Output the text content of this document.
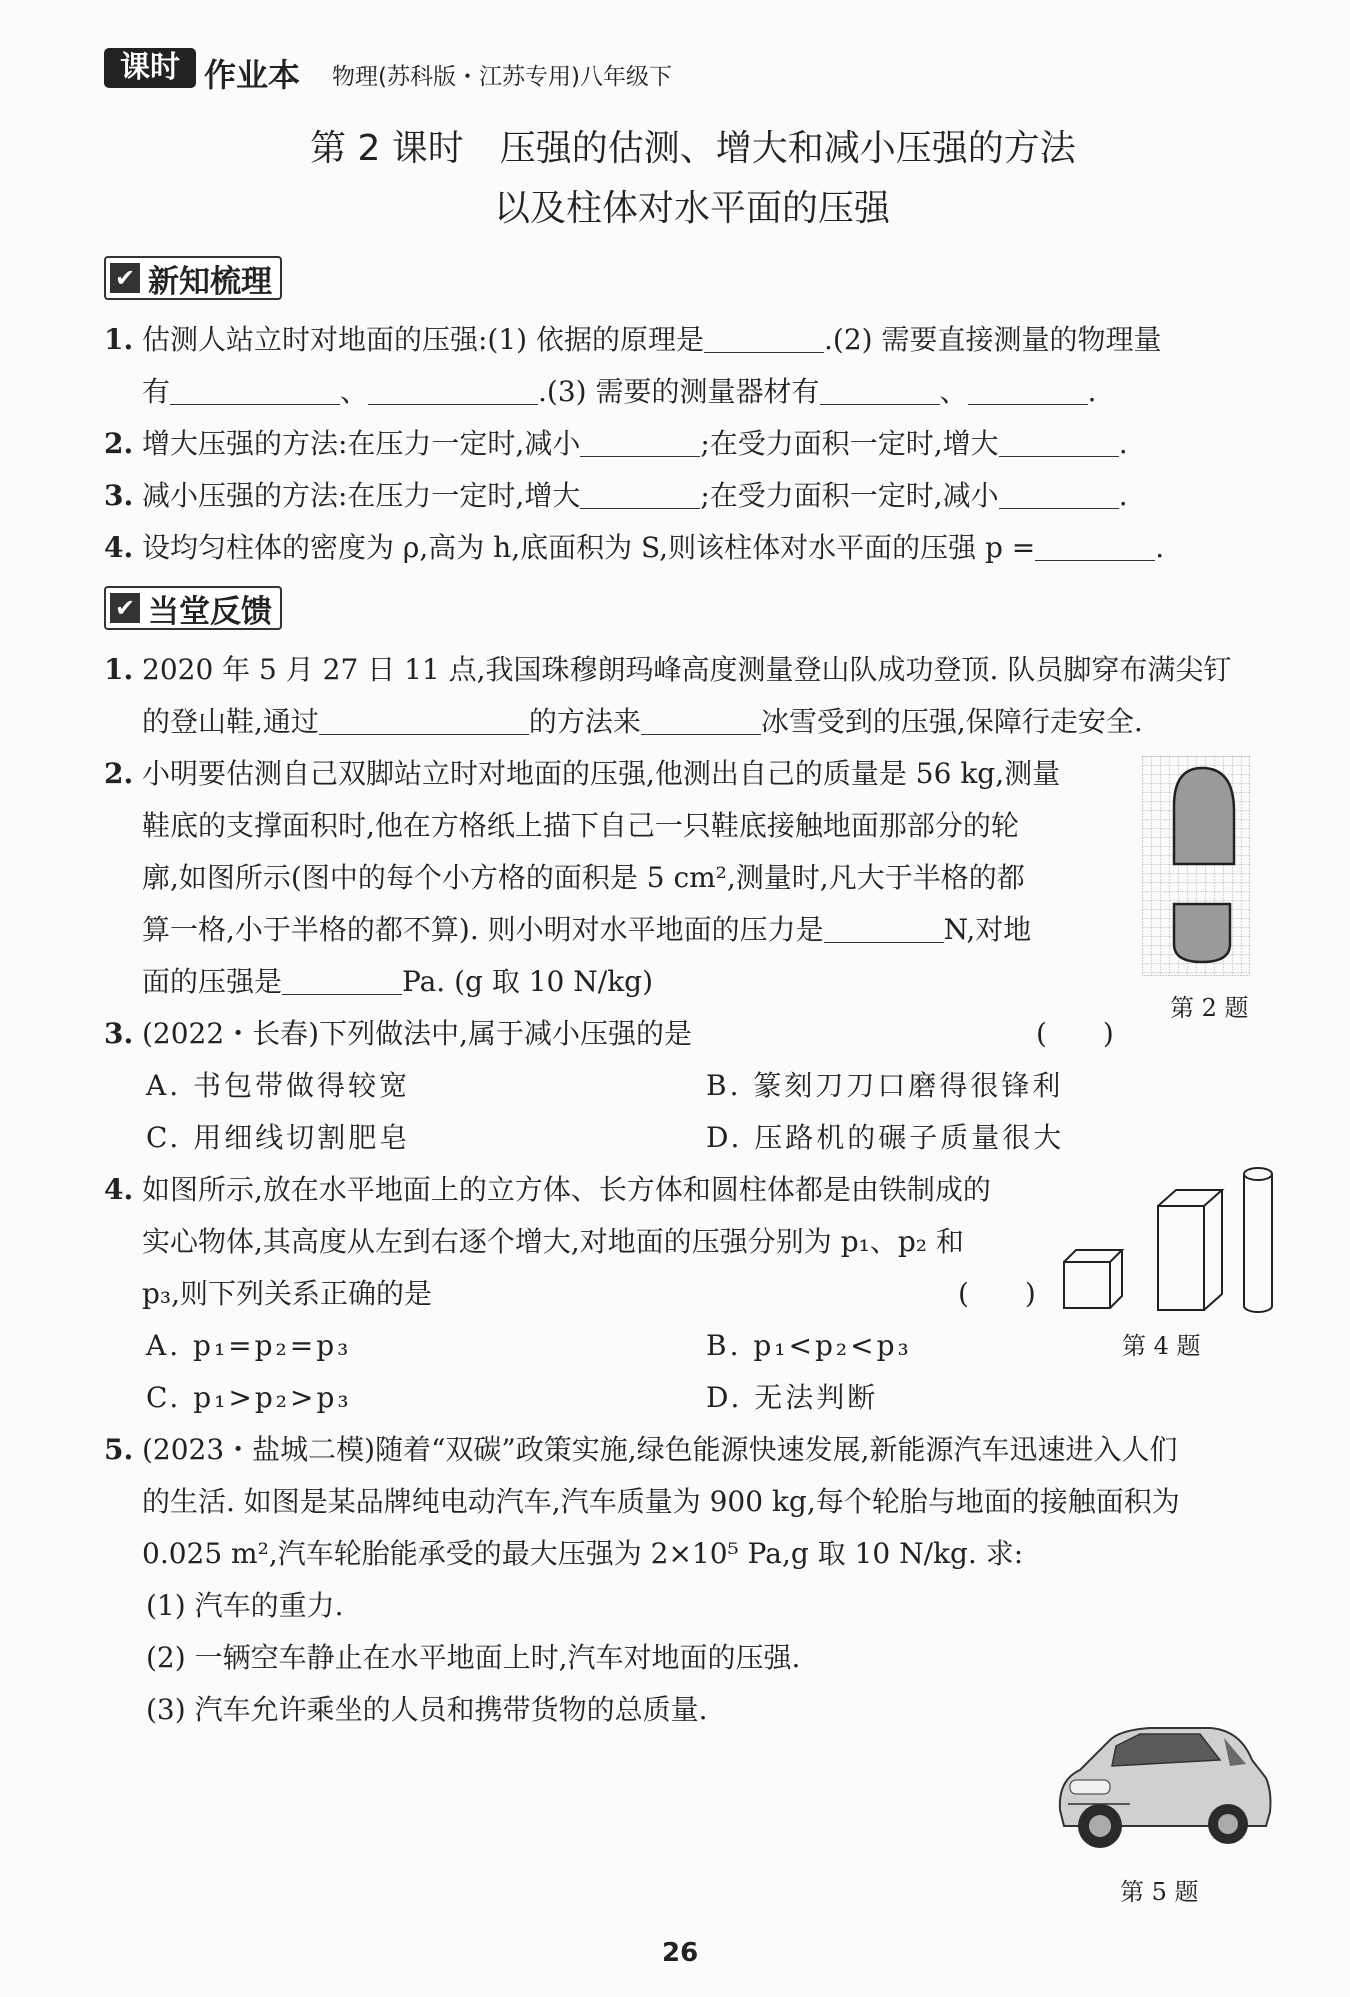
课时 作业本 物理(苏科版・江苏专用)八年级下
第 2 课时　压强的估测、增大和减小压强的方法
以及柱体对水平面的压强
✔ 新知梳理
1. 估测人站立时对地面的压强:(1) 依据的原理是	.(2) 需要直接测量的物理量
有	、	.(3) 需要的测量器材有	、	.
2. 增大压强的方法:在压力一定时,减小	;在受力面积一定时,增大	.
3. 减小压强的方法:在压力一定时,增大	;在受力面积一定时,减小	.
4. 设均匀柱体的密度为 ρ,高为 h,底面积为 S,则该柱体对水平面的压强 p =	.
✔ 当堂反馈
1. 2020 年 5 月 27 日 11 点,我国珠穆朗玛峰高度测量登山队成功登顶. 队员脚穿布满尖钉
的登山鞋,通过	的方法来	冰雪受到的压强,保障行走安全.
2. 小明要估测自己双脚站立时对地面的压强,他测出自己的质量是 56 kg,测量
鞋底的支撑面积时,他在方格纸上描下自己一只鞋底接触地面那部分的轮
廓,如图所示(图中的每个小方格的面积是 5 cm²,测量时,凡大于半格的都
算一格,小于半格的都不算). 则小明对水平地面的压力是	N,对地
面的压强是	Pa. (g 取 10 N/kg)
第 2 题
3. (2022・长春)下列做法中,属于减小压强的是	(　　)
A. 书包带做得较宽	B. 篆刻刀刀口磨得很锋利
C. 用细线切割肥皂	D. 压路机的碾子质量很大
4. 如图所示,放在水平地面上的立方体、长方体和圆柱体都是由铁制成的
实心物体,其高度从左到右逐个增大,对地面的压强分别为 p₁、p₂ 和
p₃,则下列关系正确的是	(　　)
A. p₁=p₂=p₃	B. p₁<p₂<p₃
C. p₁>p₂>p₃	D. 无法判断
第 4 题
5. (2023・盐城二模)随着“双碳”政策实施,绿色能源快速发展,新能源汽车迅速进入人们
的生活. 如图是某品牌纯电动汽车,汽车质量为 900 kg,每个轮胎与地面的接触面积为
0.025 m²,汽车轮胎能承受的最大压强为 2×10⁵ Pa,g 取 10 N/kg. 求:
(1) 汽车的重力.
(2) 一辆空车静止在水平地面上时,汽车对地面的压强.
(3) 汽车允许乘坐的人员和携带货物的总质量.
第 5 题
26
